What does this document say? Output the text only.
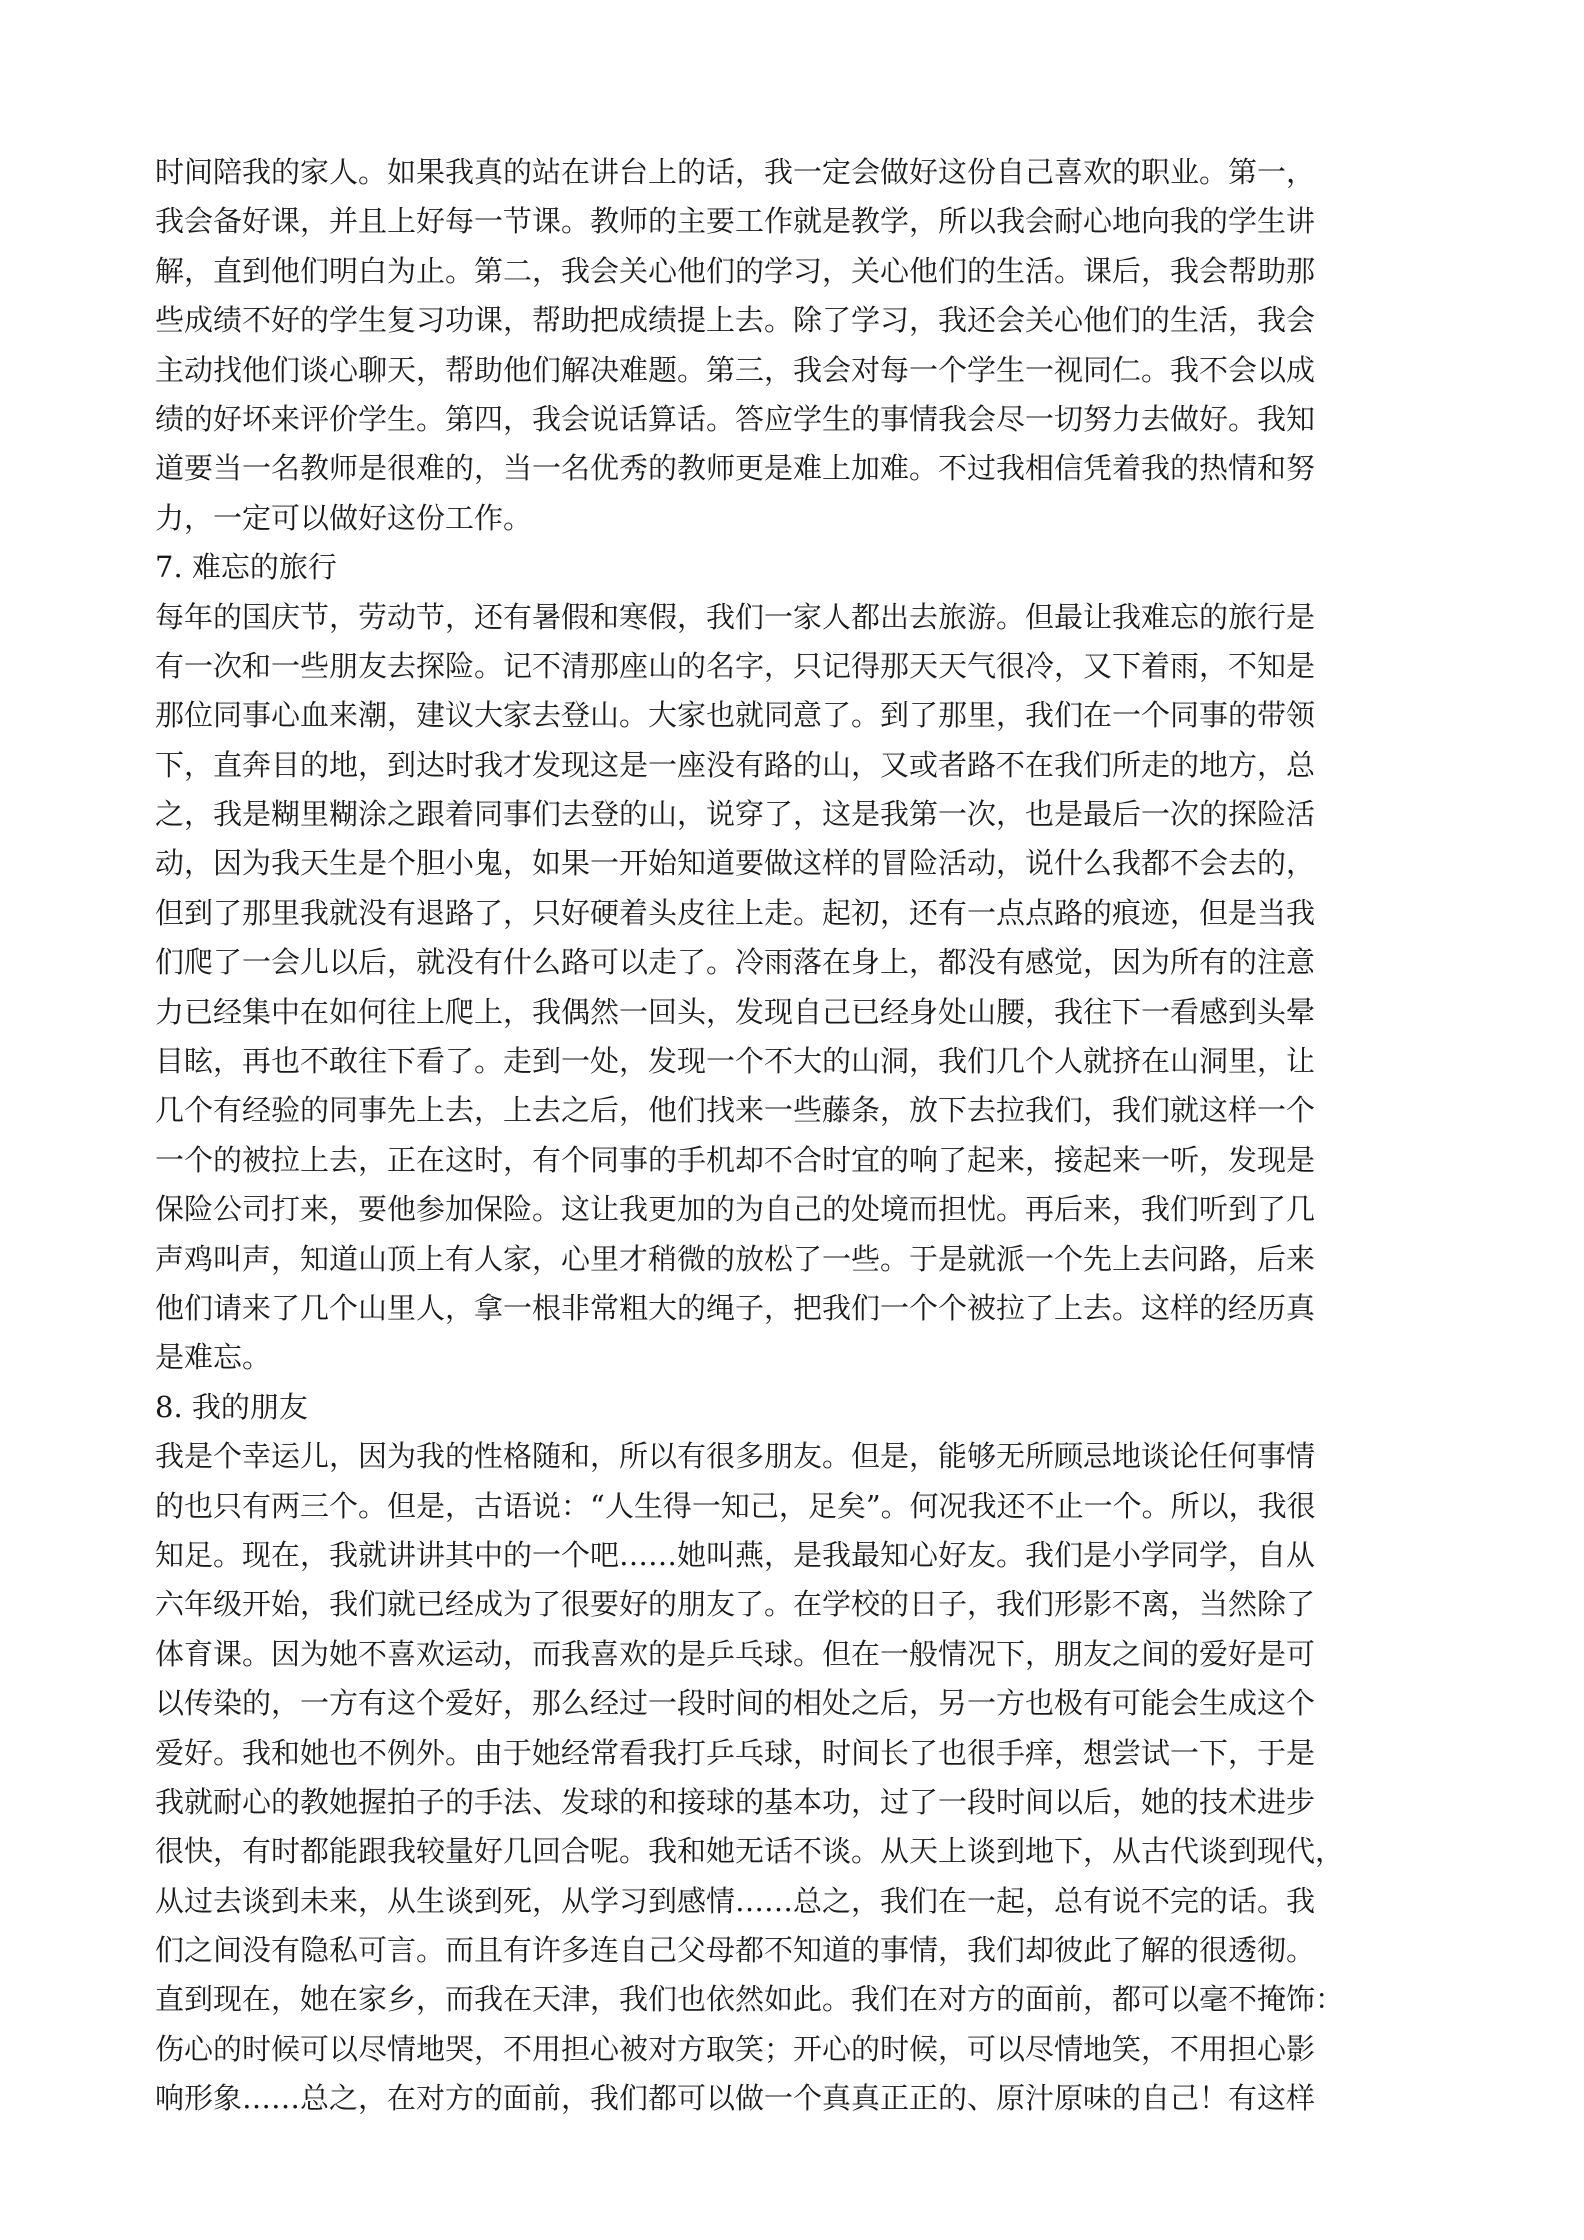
时间陪我的家人。如果我真的站在讲台上的话，我一定会做好这份自己喜欢的职业。第一，
我会备好课，并且上好每一节课。教师的主要工作就是教学，所以我会耐心地向我的学生讲
解，直到他们明白为止。第二，我会关心他们的学习，关心他们的生活。课后，我会帮助那
些成绩不好的学生复习功课，帮助把成绩提上去。除了学习，我还会关心他们的生活，我会
主动找他们谈心聊天，帮助他们解决难题。第三，我会对每一个学生一视同仁。我不会以成
绩的好坏来评价学生。第四，我会说话算话。答应学生的事情我会尽一切努力去做好。我知
道要当一名教师是很难的，当一名优秀的教师更是难上加难。不过我相信凭着我的热情和努
力，一定可以做好这份工作。
7. 难忘的旅行
每年的国庆节，劳动节，还有暑假和寒假，我们一家人都出去旅游。但最让我难忘的旅行是
有一次和一些朋友去探险。记不清那座山的名字，只记得那天天气很冷，又下着雨，不知是
那位同事心血来潮，建议大家去登山。大家也就同意了。到了那里，我们在一个同事的带领
下，直奔目的地，到达时我才发现这是一座没有路的山，又或者路不在我们所走的地方，总
之，我是糊里糊涂之跟着同事们去登的山，说穿了，这是我第一次，也是最后一次的探险活
动，因为我天生是个胆小鬼，如果一开始知道要做这样的冒险活动，说什么我都不会去的，
但到了那里我就没有退路了，只好硬着头皮往上走。起初，还有一点点路的痕迹，但是当我
们爬了一会儿以后，就没有什么路可以走了。冷雨落在身上，都没有感觉，因为所有的注意
力已经集中在如何往上爬上，我偶然一回头，发现自己已经身处山腰，我往下一看感到头晕
目眩，再也不敢往下看了。走到一处，发现一个不大的山洞，我们几个人就挤在山洞里，让
几个有经验的同事先上去，上去之后，他们找来一些藤条，放下去拉我们，我们就这样一个
一个的被拉上去，正在这时，有个同事的手机却不合时宜的响了起来，接起来一听，发现是
保险公司打来，要他参加保险。这让我更加的为自己的处境而担忧。再后来，我们听到了几
声鸡叫声，知道山顶上有人家，心里才稍微的放松了一些。于是就派一个先上去问路，后来
他们请来了几个山里人，拿一根非常粗大的绳子，把我们一个个被拉了上去。这样的经历真
是难忘。
8. 我的朋友
我是个幸运儿，因为我的性格随和，所以有很多朋友。但是，能够无所顾忌地谈论任何事情
的也只有两三个。但是，古语说：“人生得一知己，足矣”。何况我还不止一个。所以，我很
知足。现在，我就讲讲其中的一个吧……她叫燕，是我最知心好友。我们是小学同学，自从
六年级开始，我们就已经成为了很要好的朋友了。在学校的日子，我们形影不离，当然除了
体育课。因为她不喜欢运动，而我喜欢的是乒乓球。但在一般情况下，朋友之间的爱好是可
以传染的，一方有这个爱好，那么经过一段时间的相处之后，另一方也极有可能会生成这个
爱好。我和她也不例外。由于她经常看我打乒乓球，时间长了也很手痒，想尝试一下，于是
我就耐心的教她握拍子的手法、发球的和接球的基本功，过了一段时间以后，她的技术进步
很快，有时都能跟我较量好几回合呢。我和她无话不谈。从天上谈到地下，从古代谈到现代，
从过去谈到未来，从生谈到死，从学习到感情……总之，我们在一起，总有说不完的话。我
们之间没有隐私可言。而且有许多连自己父母都不知道的事情，我们却彼此了解的很透彻。
直到现在，她在家乡，而我在天津，我们也依然如此。我们在对方的面前，都可以毫不掩饰：
伤心的时候可以尽情地哭，不用担心被对方取笑；开心的时候，可以尽情地笑，不用担心影
响形象……总之，在对方的面前，我们都可以做一个真真正正的、原汁原味的自己！有这样
